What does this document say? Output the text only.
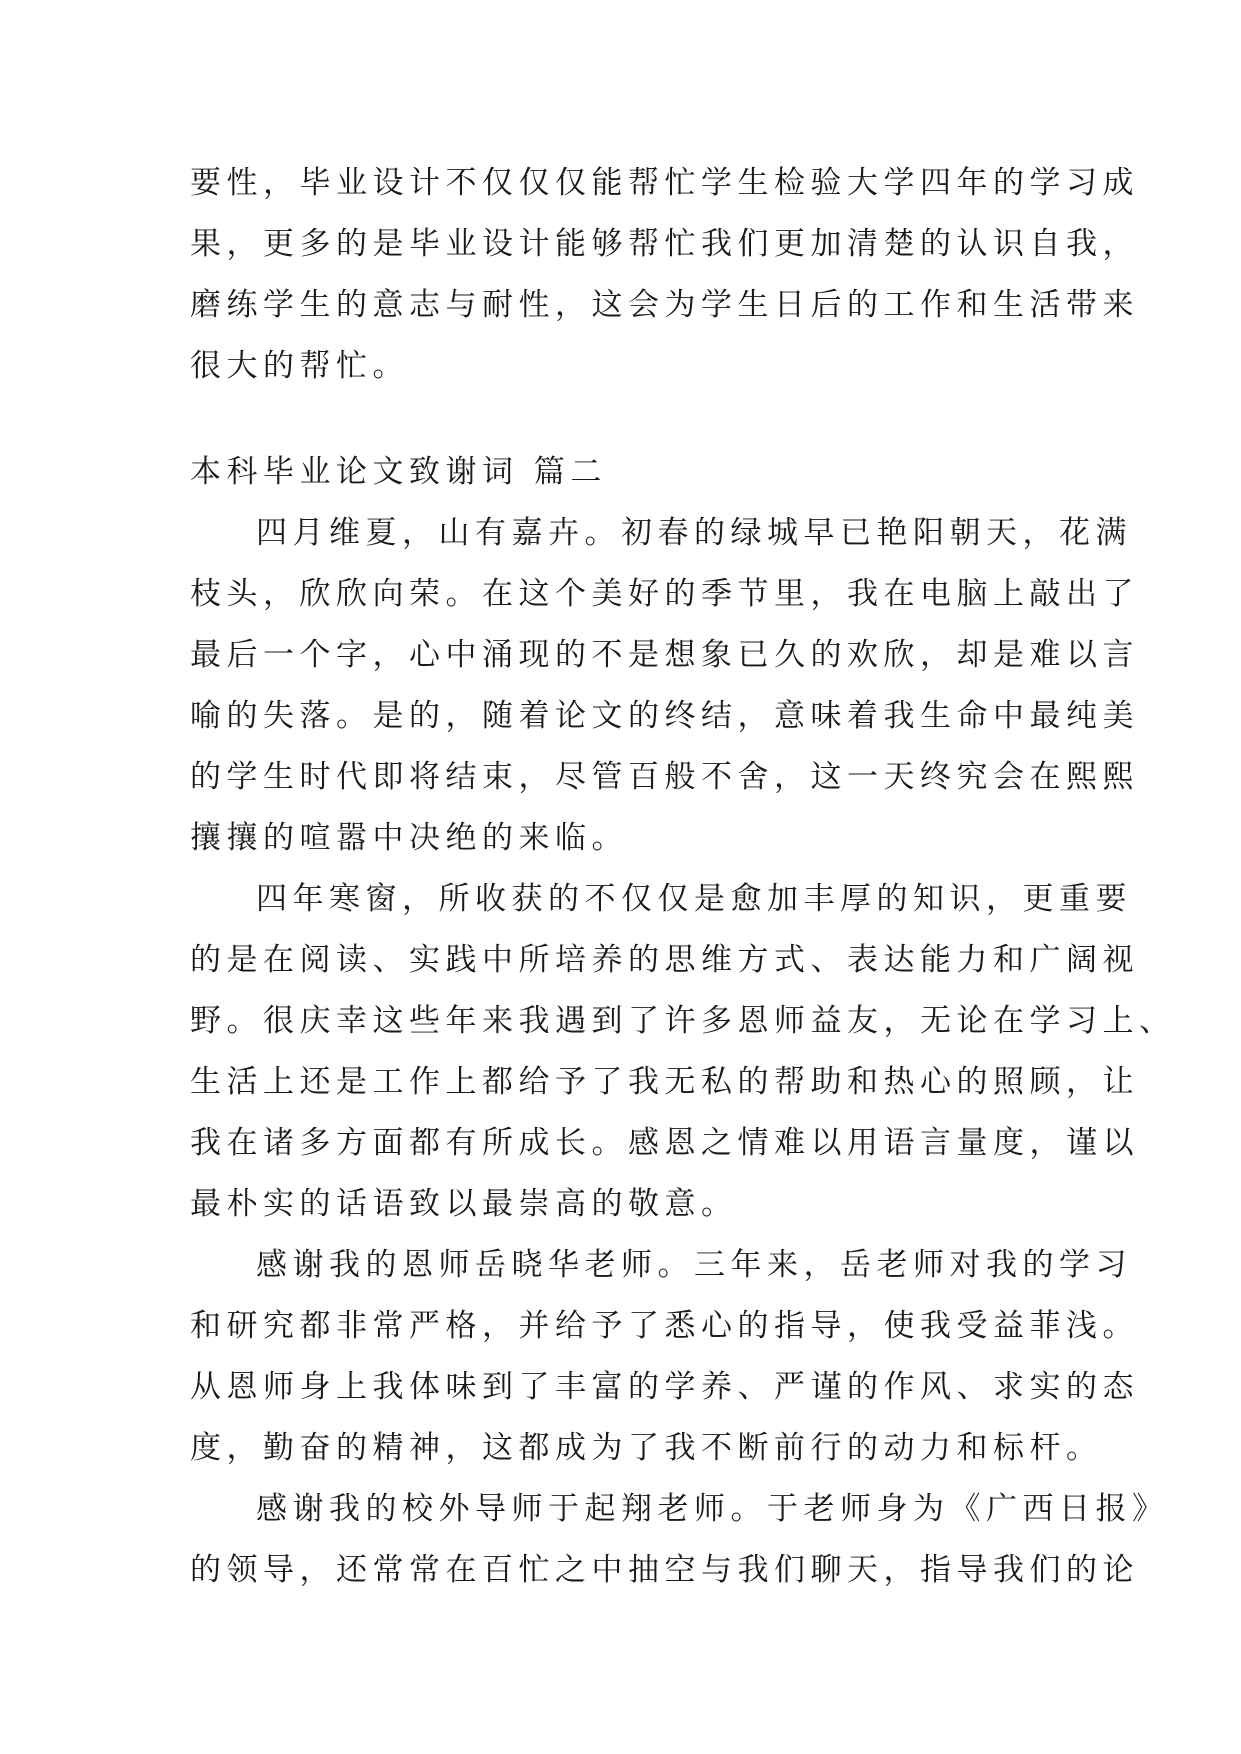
要性，毕业设计不仅仅仅能帮忙学生检验大学四年的学习成
果，更多的是毕业设计能够帮忙我们更加清楚的认识自我，
磨练学生的意志与耐性，这会为学生日后的工作和生活带来
很大的帮忙。
本科毕业论文致谢词 篇二
四月维夏，山有嘉卉。初春的绿城早已艳阳朝天，花满
枝头，欣欣向荣。在这个美好的季节里，我在电脑上敲出了
最后一个字，心中涌现的不是想象已久的欢欣，却是难以言
喻的失落。是的，随着论文的终结，意味着我生命中最纯美
的学生时代即将结束，尽管百般不舍，这一天终究会在熙熙
攘攘的喧嚣中决绝的来临。
四年寒窗，所收获的不仅仅是愈加丰厚的知识，更重要
的是在阅读、实践中所培养的思维方式、表达能力和广阔视
野。很庆幸这些年来我遇到了许多恩师益友，无论在学习上、
生活上还是工作上都给予了我无私的帮助和热心的照顾，让
我在诸多方面都有所成长。感恩之情难以用语言量度，谨以
最朴实的话语致以最崇高的敬意。
感谢我的恩师岳晓华老师。三年来，岳老师对我的学习
和研究都非常严格，并给予了悉心的指导，使我受益菲浅。
从恩师身上我体味到了丰富的学养、严谨的作风、求实的态
度，勤奋的精神，这都成为了我不断前行的动力和标杆。
感谢我的校外导师于起翔老师。于老师身为《广西日报》
的领导，还常常在百忙之中抽空与我们聊天，指导我们的论
